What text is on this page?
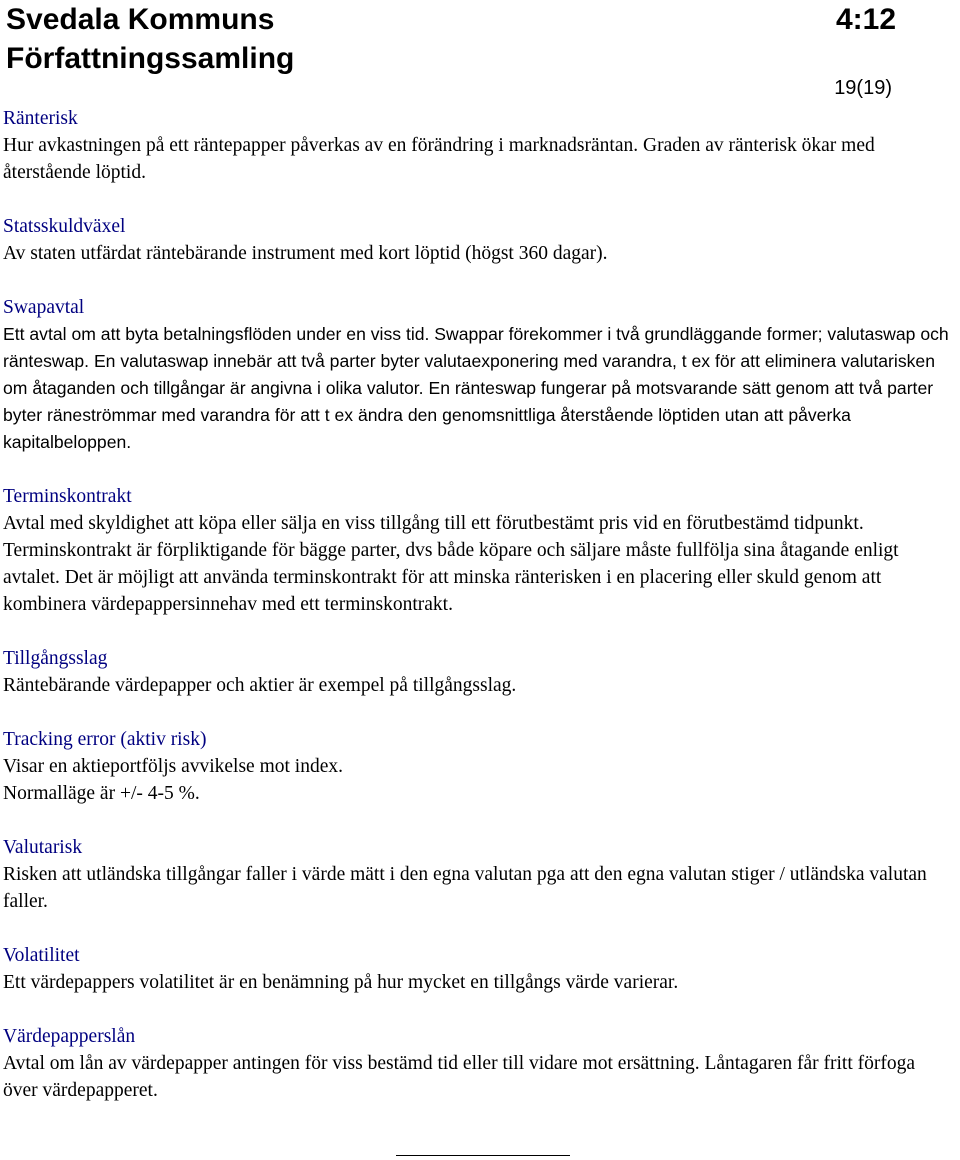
Svedala Kommuns
Författningssamling
4:12
19(19)

Ränterisk

Hur avkastningen på ett räntepapper påverkas av en förändring i marknadsräntan. Graden av ränterisk ökar med återstående löptid.

Statsskuldväxel

Av staten utfärdat räntebärande instrument med kort löptid (högst 360 dagar).

Swapavtal

Ett avtal om att byta betalningsflöden under en viss tid. Swappar förekommer i två grundläggande former; valutaswap och ränteswap. En valutaswap innebär att två parter byter valutaexponering med varandra, t ex för att eliminera valutarisken om åtaganden och tillgångar är angivna i olika valutor. En ränteswap fungerar på motsvarande sätt genom att två parter byter räneströmmar med varandra för att t ex ändra den genomsnittliga återstående löptiden utan att påverka kapitalbeloppen.

Terminskontrakt

Avtal med skyldighet att köpa eller sälja en viss tillgång till ett förutbestämt pris vid en förutbestämd tidpunkt. Terminskontrakt är förpliktigande för bägge parter, dvs både köpare och säljare måste fullfölja sina åtagande enligt avtalet. Det är möjligt att använda terminskontrakt för att minska ränterisken i en placering eller skuld genom att kombinera värdepappersinnehav med ett terminskontrakt.

Tillgångsslag

Räntebärande värdepapper och aktier är exempel på tillgångsslag.

Tracking error (aktiv risk)

Visar en aktieportföljs avvikelse mot index.

Normalläge är +/- 4-5 %.

Valutarisk

Risken att utländska tillgångar faller i värde mätt i den egna valutan pga att den egna valutan stiger / utländska valutan faller.

Volatilitet

Ett värdepappers volatilitet är en benämning på hur mycket en tillgångs värde varierar.

Värdepapperslån

Avtal om lån av värdepapper antingen för viss bestämd tid eller till vidare mot ersättning. Låntagaren får fritt förfoga över värdepapperet.
